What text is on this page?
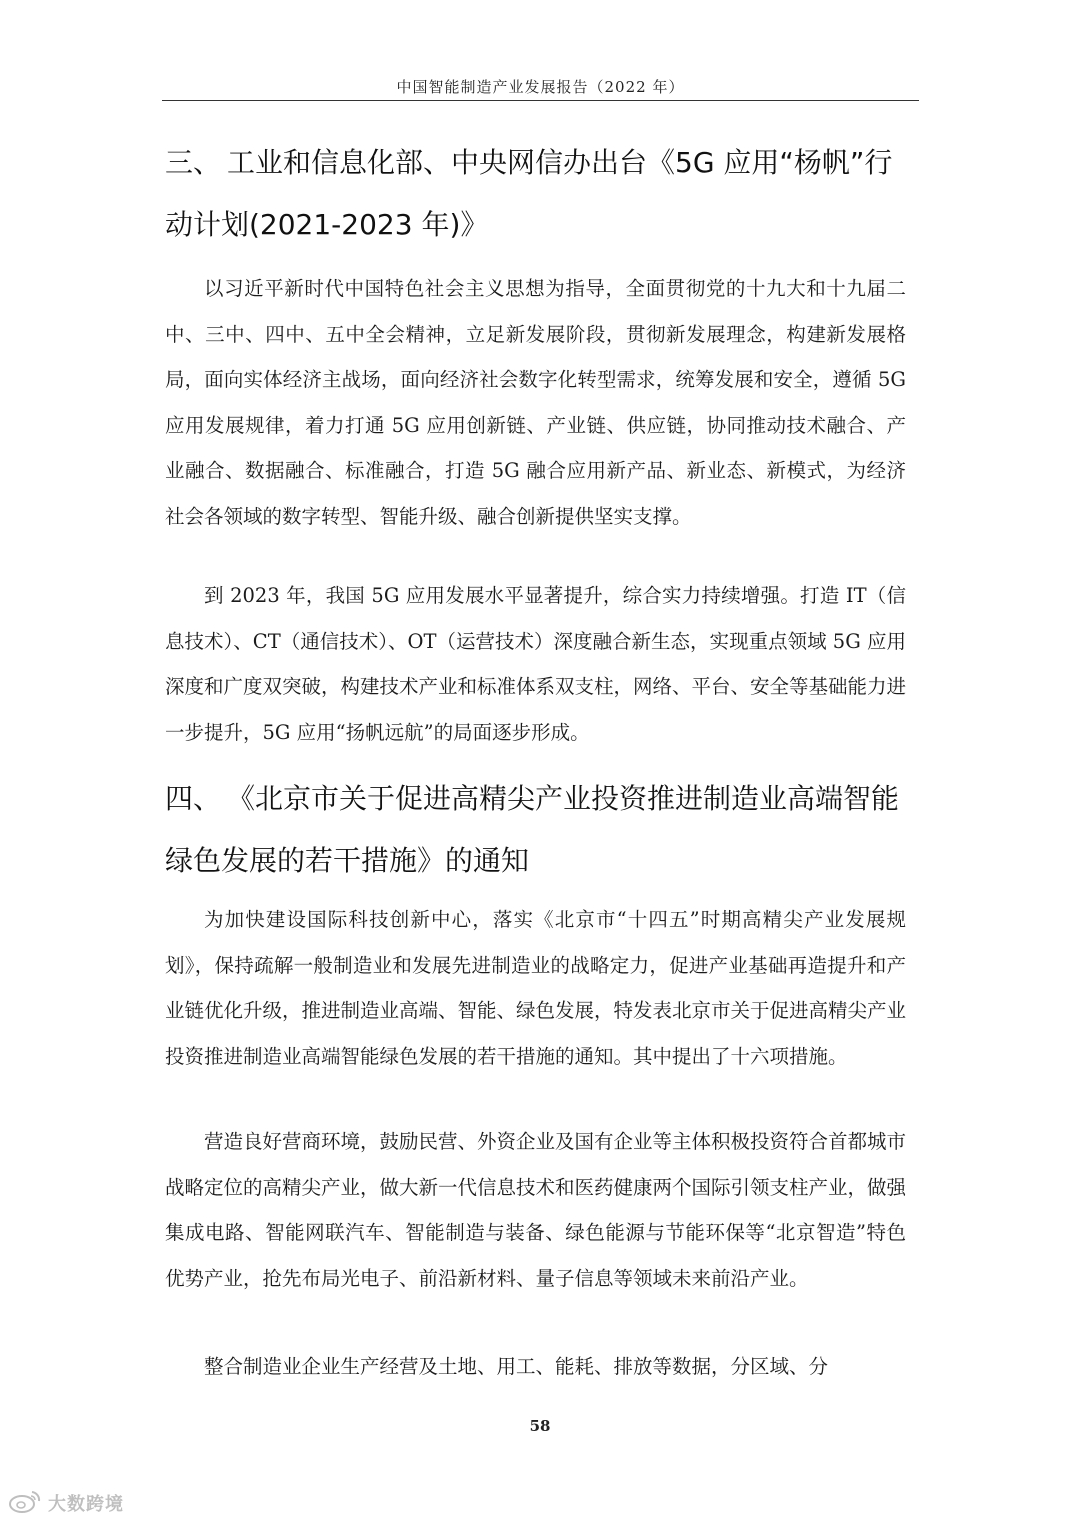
中国智能制造产业发展报告（2022 年）
三、 工业和信息化部、中央网信办出台《5G 应用“杨帆”行
动计划(2021-2023 年)》

以习近平新时代中国特色社会主义思想为指导，全面贯彻党的十九大和十九届二中、三中、四中、五中全会精神，立足新发展阶段，贯彻新发展理念，构建新发展格局，面向实体经济主战场，面向经济社会数字化转型需求，统筹发展和安全，遵循 5G 应用发展规律，着力打通 5G 应用创新链、产业链、供应链，协同推动技术融合、产业融合、数据融合、标准融合，打造 5G 融合应用新产品、新业态、新模式，为经济社会各领域的数字转型、智能升级、融合创新提供坚实支撑。

到 2023 年，我国 5G 应用发展水平显著提升，综合实力持续增强。打造 IT（信息技术）、CT（通信技术）、OT（运营技术）深度融合新生态，实现重点领域 5G 应用深度和广度双突破，构建技术产业和标准体系双支柱，网络、平台、安全等基础能力进一步提升，5G 应用“扬帆远航”的局面逐步形成。

四、 《北京市关于促进高精尖产业投资推进制造业高端智能
绿色发展的若干措施》的通知

为加快建设国际科技创新中心，落实《北京市“十四五”时期高精尖产业发展规划》，保持疏解一般制造业和发展先进制造业的战略定力，促进产业基础再造提升和产业链优化升级，推进制造业高端、智能、绿色发展，特发表北京市关于促进高精尖产业投资推进制造业高端智能绿色发展的若干措施的通知。其中提出了十六项措施。

营造良好营商环境，鼓励民营、外资企业及国有企业等主体积极投资符合首都城市战略定位的高精尖产业，做大新一代信息技术和医药健康两个国际引领支柱产业，做强集成电路、智能网联汽车、智能制造与装备、绿色能源与节能环保等“北京智造”特色优势产业，抢先布局光电子、前沿新材料、量子信息等领域未来前沿产业。

整合制造业企业生产经营及土地、用工、能耗、排放等数据，分区域、分

58
大数跨境
